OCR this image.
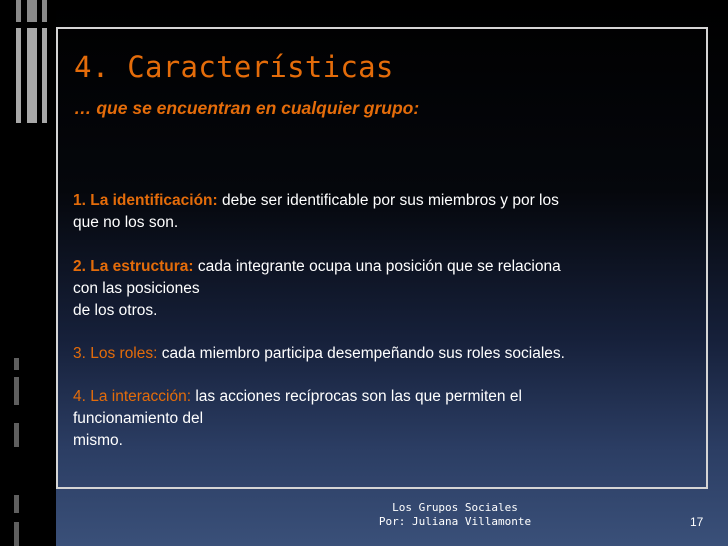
4. Características
… que se encuentran en cualquier grupo:
1. La identificación: debe ser identificable por sus miembros y por los
que no los son.
2. La estructura: cada integrante ocupa una posición que se relaciona
con las posiciones
de los otros.
3. Los roles: cada miembro participa desempeñando sus roles sociales.
4. La interacción: las acciones recíprocas son las que permiten el
funcionamiento del
mismo.
Los Grupos Sociales
Por: Juliana Villamonte	17
